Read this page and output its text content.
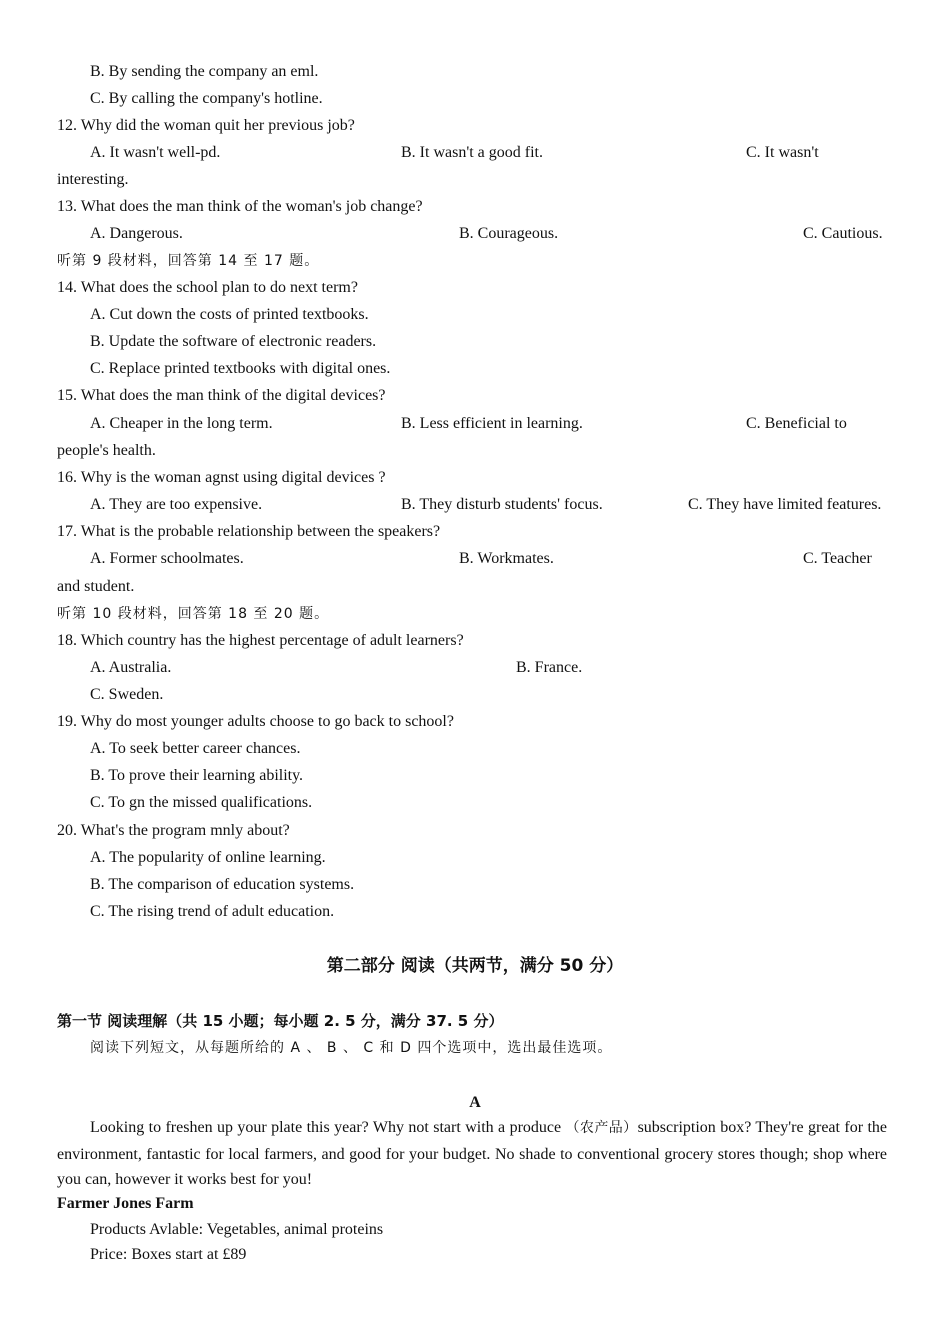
B. By sending the company an eml.
C. By calling the company's hotline.
12. Why did the woman quit her previous job?
A. It wasn't well-pd.	B. It wasn't a good fit.	C. It wasn't
interesting.
13. What does the man think of the woman's job change?
A. Dangerous.	B. Courageous.	C. Cautious.
听第 9 段材料，回答第 14 至 17 题。
14. What does the school plan to do next term?
A. Cut down the costs of printed textbooks.
B. Update the software of electronic readers.
C. Replace printed textbooks with digital ones.
15. What does the man think of the digital devices?
A. Cheaper in the long term.	B. Less efficient in learning.	C. Beneficial to
people's health.
16. Why is the woman agnst using digital devices ?
A. They are too expensive.	B. They disturb students' focus.	C. They have limited features.
17. What is the probable relationship between the speakers?
A. Former schoolmates.	B. Workmates.	C. Teacher
and student.
听第 10 段材料，回答第 18 至 20 题。
18. Which country has the highest percentage of adult learners?
A. Australia.	B. France.
C. Sweden.
19. Why do most younger adults choose to go back to school?
A. To seek better career chances.
B. To prove their learning ability.
C. To gn the missed qualifications.
20. What's the program mnly about?
A. The popularity of online learning.
B. The comparison of education systems.
C. The rising trend of adult education.
第二部分 阅读（共两节，满分 50 分）
第一节 阅读理解（共 15 小题；每小题 2. 5 分，满分 37. 5 分）
阅读下列短文，从每题所给的 A 、 B 、 C 和 D 四个选项中，选出最佳选项。
A
Looking to freshen up your plate this year? Why not start with a produce （农产品）subscription box? They're great for the environment, fantastic for local farmers, and good for your budget. No shade to conventional grocery stores though; shop where you can, however it works best for you!
Farmer Jones Farm
Products Avlable: Vegetables, animal proteins
Price: Boxes start at £89
